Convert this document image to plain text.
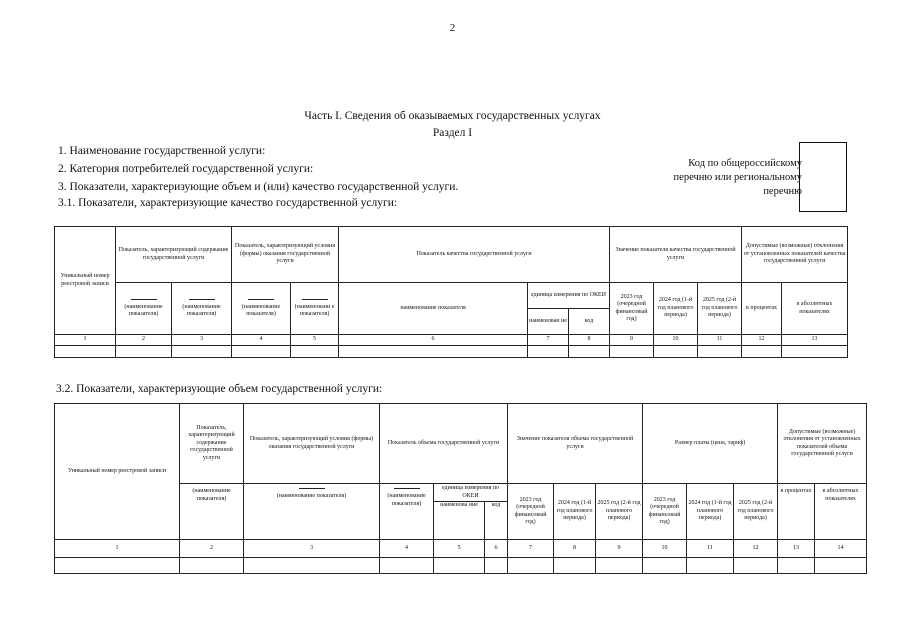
2
Часть I. Сведения об оказываемых государственных услугах
Раздел I
1. Наименование государственной услуги:
2. Категория потребителей государственной услуги:
3. Показатели, характеризующие объем и (или) качество государственной услуги.
3.1. Показатели, характеризующие качество государственной услуги:
Код по общероссийскому перечню или региональному перечню
Уникальный номер реестровой записи	Показатель, характеризующий содержание государственной услуги		Показатель, характеризующий условия (формы) оказания государственной услуги		Показатель качества государственной услуги			Значение показателя качества государственной услуги			Допустимые (возможные) отклонения от установленных показателей качества государственной услуги	

(наименование показателя)	(наименование показателя)	(наименование показателя)	(наименовани е показателя)	наименование показателя	единица измерения по ОКЕИ		2023 год (очередной финансовый год)	2024 год (1-й год планового периода)	2025 год (2-й год планового периода)	в процентах	в абсолютных показателях
						наименован ие	код					
1	2	3	4	5	6	7	8	9	10	11	12	13

3.2. Показатели, характеризующие объем государственной услуги:
Уникальный номер реестровой записи	Показатель, характеризующий содержание государственной услуги	Показатель, характеризующий условия (формы) оказания государственной услуги	Показатель объема государственной услуги			Значение показателя объема государственной услуги			Размер платы (цена, тариф)			Допустимые (возможные) отклонения от установленных показателей объема государственной услуги	
	(наименование показателя)	(наименование показателя)	(наименование показателя)	единица измерения по ОКЕИ		2023 год (очередной финансовый год)	2024 год (1-й год планового периода)	2025 год (2-й год планового периода)	2023 год (очередной финансовый год)	2024 год (1-й год планового периода)	2025 год (2-й год планового периода)	в процентах	в абсолютных показателях
				наименова ние	код								
1	2	3	4	5	6	7	8	9	10	11	12	13	14
